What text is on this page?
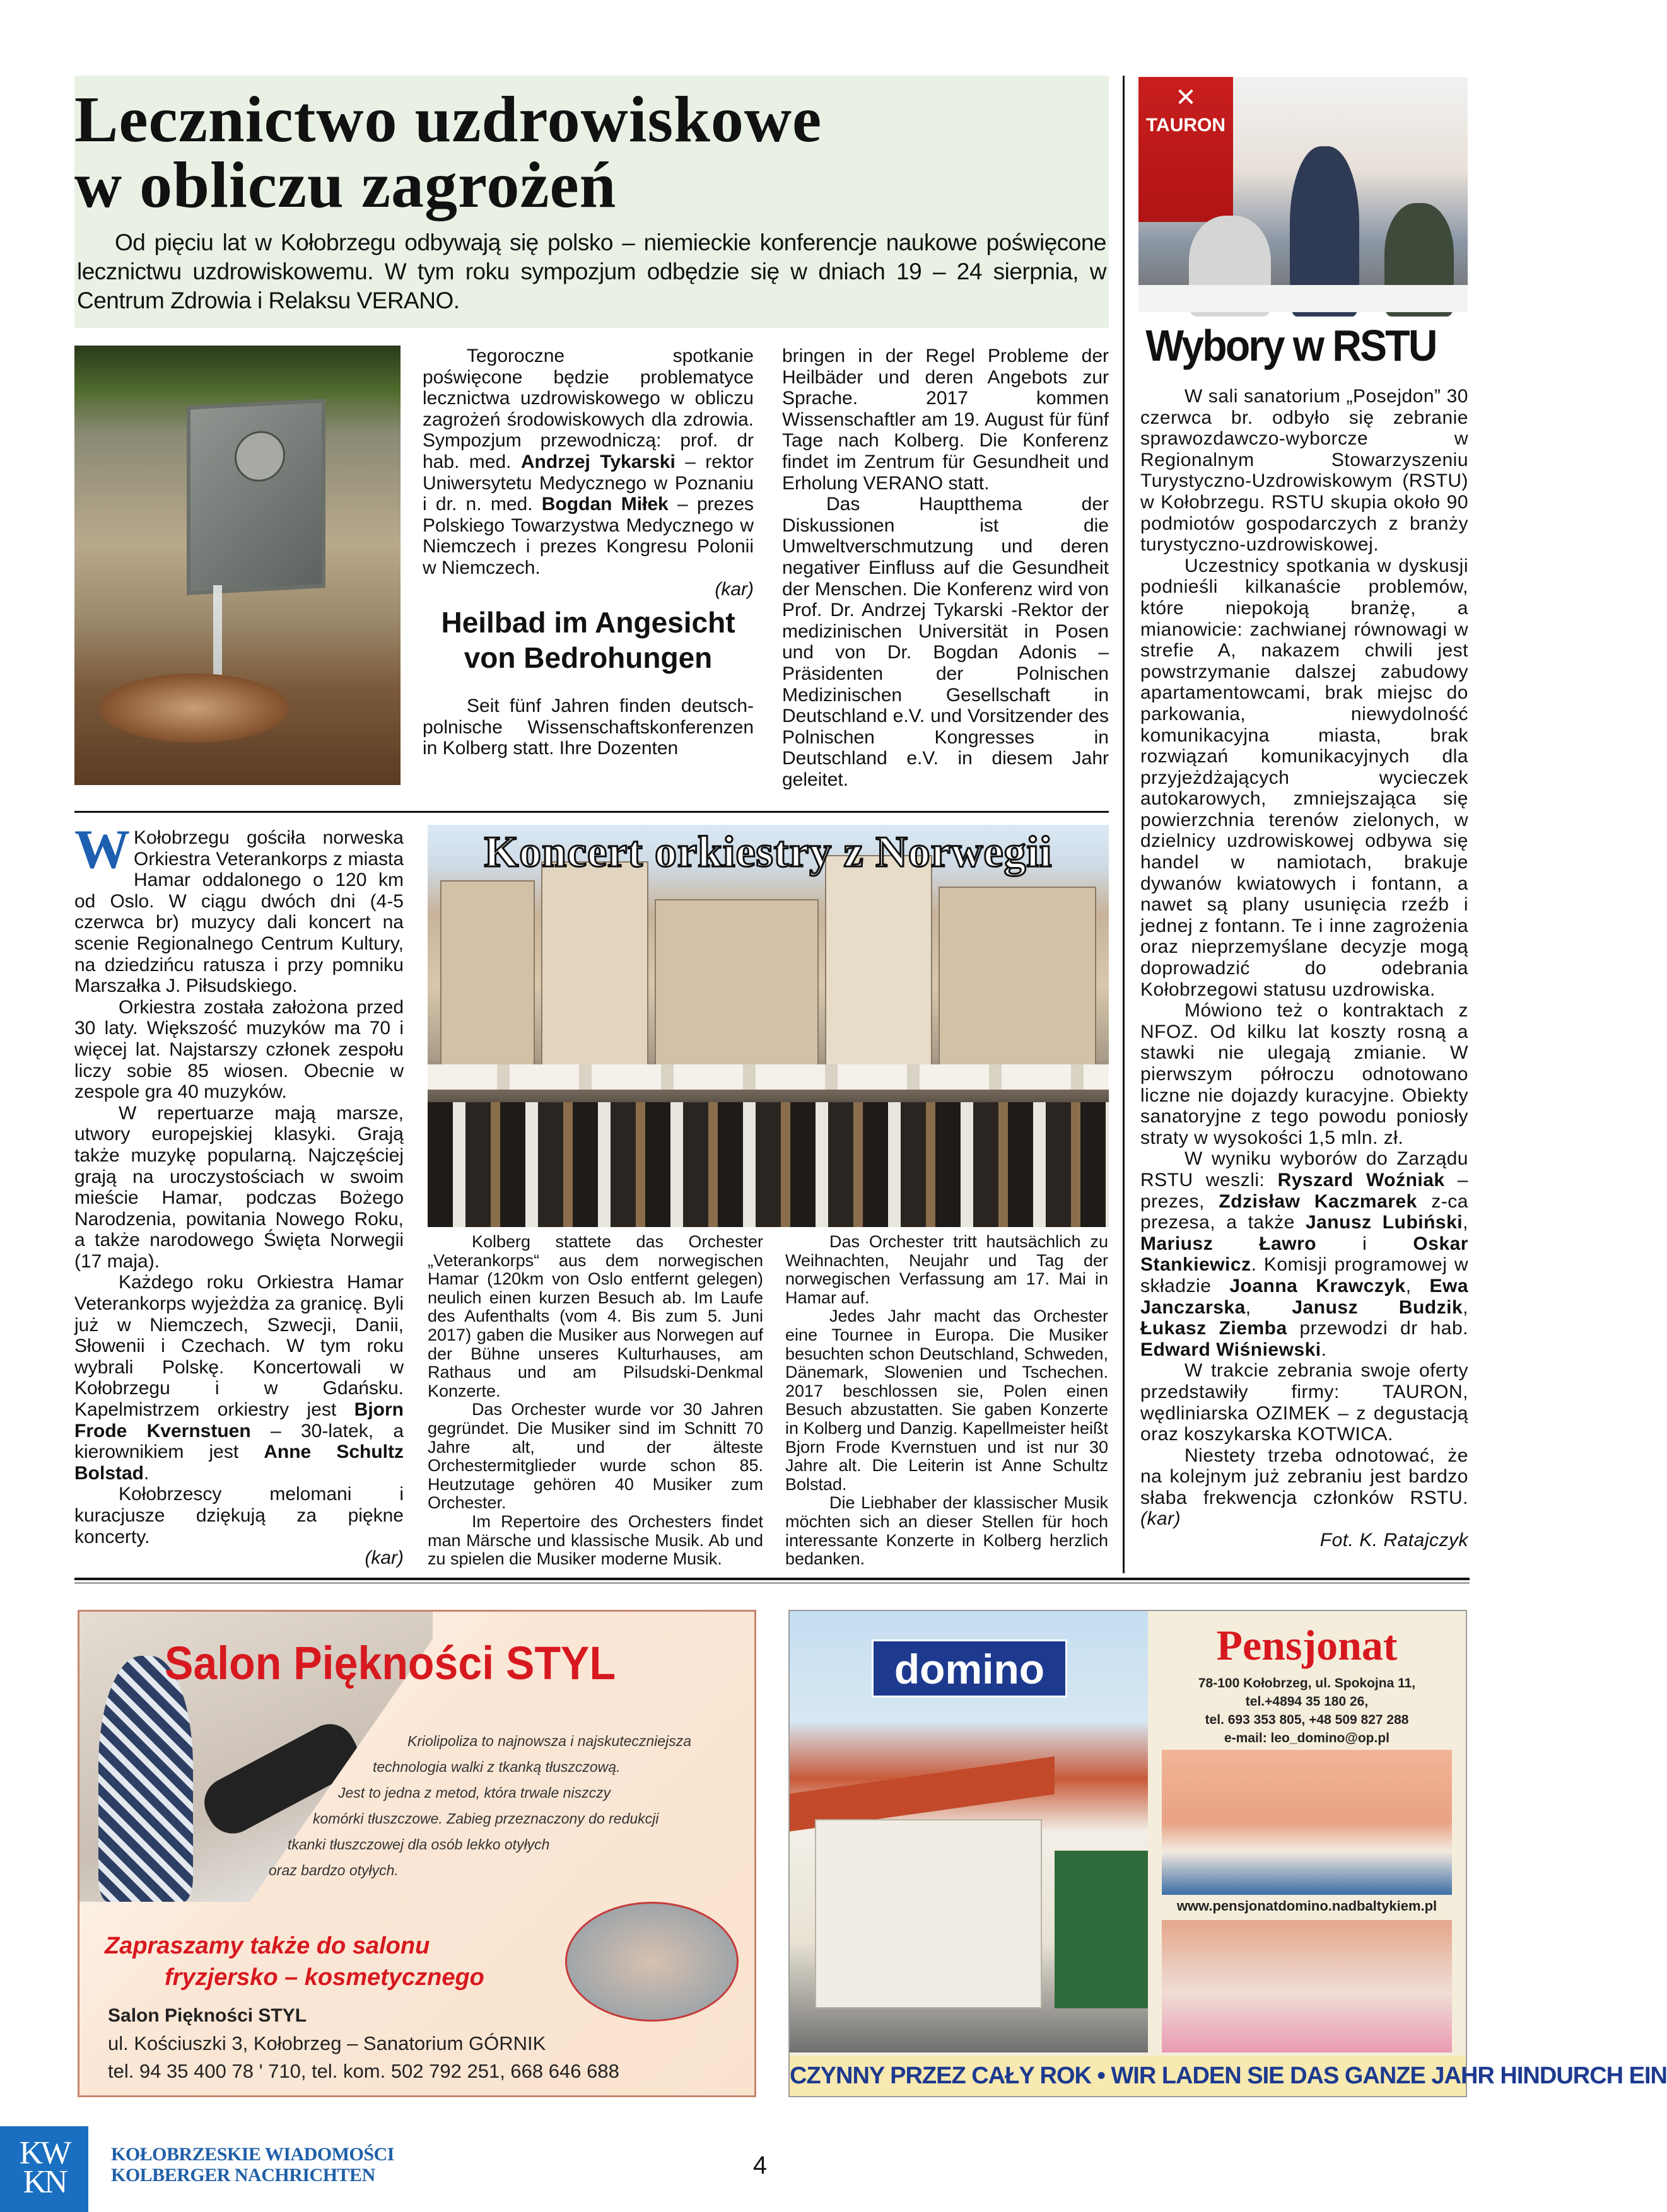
Lecznictwo uzdrowiskowe
w obliczu zagrożeń

Od pięciu lat w Kołobrzegu odbywają się polsko – niemieckie konferencje naukowe poświęcone lecznictwu uzdrowiskowemu. W tym roku sympozjum odbędzie się w dniach 19 – 24 sierpnia, w Centrum Zdrowia i Relaksu VERANO.

Tegoroczne spotkanie poświęcone będzie problematyce lecznictwa uzdrowiskowego w obliczu zagrożeń środowiskowych dla zdrowia. Sympozjum przewodniczą: prof. dr hab. med. Andrzej Tykarski – rektor Uniwersytetu Medycznego w Poznaniu i dr. n. med. Bogdan Miłek – prezes Polskiego Towarzystwa Medycznego w Niemczech i prezes Kongresu Polonii w Niemczech.

(kar)

Heilbad im Angesicht
von Bedrohungen

Seit fünf Jahren finden deutsch-polnische Wissenschaftskonferenzen in Kolberg statt. Ihre Dozenten

bringen in der Regel Probleme der Heilbäder und deren Angebots zur Sprache. 2017 kommen Wissenschaftler am 19. August für fünf Tage nach Kolberg. Die Konferenz findet im Zentrum für Gesundheit und Erholung VERANO statt.

Das Hauptthema der Diskussionen ist die Umweltverschmutzung und deren negativer Einfluss auf die Gesundheit der Menschen. Die Konferenz wird von Prof. Dr. Andrzej Tykarski -Rektor der medizinischen Universität in Posen und von Dr. Bogdan Adonis – Präsidenten der Polnischen Medizinischen Gesellschaft in Deutschland e.V. und Vorsitzender des Polnischen Kongresses in Deutschland e.V. in diesem Jahr geleitet.

✕
TAURON
Wybory w RSTU

W sali sanatorium „Posejdon” 30 czerwca br. odbyło się zebranie sprawozdawczo-wyborcze w Regionalnym Stowarzyszeniu Turystyczno-Uzdrowiskowym (RSTU) w Kołobrzegu. RSTU skupia około 90 podmiotów gospodarczych z branży turystyczno-uzdrowiskowej.

Uczestnicy spotkania w dyskusji podnieśli kilkanaście problemów, które niepokoją branżę, a mianowicie: zachwianej równowagi w strefie A, nakazem chwili jest powstrzymanie dalszej zabudowy apartamentowcami, brak miejsc do parkowania, niewydolność komunikacyjna miasta, brak rozwiązań komunikacyjnych dla przyjeżdżających wycieczek autokarowych, zmniejszająca się powierzchnia terenów zielonych, w dzielnicy uzdrowiskowej odbywa się handel w namiotach, brakuje dywanów kwiatowych i fontann, a nawet są plany usunięcia rzeźb i jednej z fontann. Te i inne zagrożenia oraz nieprzemyślane decyzje mogą doprowadzić do odebrania Kołobrzegowi statusu uzdrowiska.

Mówiono też o kontraktach z NFOZ. Od kilku lat koszty rosną a stawki nie ulegają zmianie. W pierwszym półroczu odnotowano liczne nie dojazdy kuracyjne. Obiekty sanatoryjne z tego powodu poniosły straty w wysokości 1,5 mln. zł.

W wyniku wyborów do Zarządu RSTU weszli: Ryszard Woźniak – prezes, Zdzisław Kaczmarek z-ca prezesa, a także Janusz Lubiński, Mariusz Ławro i Oskar Stankiewicz. Komisji programowej w składzie Joanna Krawczyk, Ewa Janczarska, Janusz Budzik, Łukasz Ziemba przewodzi dr hab. Edward Wiśniewski.

W trakcie zebrania swoje oferty przedstawiły firmy: TAURON, wędliniarska OZIMEK – z degustacją oraz koszykarska KOTWICA.

Niestety trzeba odnotować, że na kolejnym już zebraniu jest bardzo słaba frekwencja członków RSTU. (kar)

Fot. K. Ratajczyk

W Kołobrzegu gościła norweska Orkiestra Veterankorps z miasta Hamar oddalonego o 120 km od Oslo. W ciągu dwóch dni (4-5 czerwca br) muzycy dali koncert na scenie Regionalnego Centrum Kultury, na dziedzińcu ratusza i przy pomniku Marszałka J. Piłsudskiego.

Orkiestra została założona przed 30 laty. Większość muzyków ma 70 i więcej lat. Najstarszy członek zespołu liczy sobie 85 wiosen. Obecnie w zespole gra 40 muzyków.

W repertuarze mają marsze, utwory europejskiej klasyki. Grają także muzykę popularną. Najczęściej grają na uroczystościach w swoim mieście Hamar, podczas Bożego Narodzenia, powitania Nowego Roku, a także narodowego Święta Norwegii (17 maja).

Każdego roku Orkiestra Hamar Veterankorps wyjeżdża za granicę. Byli już w Niemczech, Szwecji, Danii, Słowenii i Czechach. W tym roku wybrali Polskę. Koncertowali w Kołobrzegu i w Gdańsku. Kapelmistrzem orkiestry jest Bjorn Frode Kvernstuen – 30-latek, a kierownikiem jest Anne Schultz Bolstad.

Kołobrzescy melomani i kuracjusze dziękują za piękne koncerty.

(kar)

Koncert orkiestry z Norwegii

Kolberg stattete das Orchester „Veterankorps“ aus dem norwegischen Hamar (120km von Oslo entfernt gelegen) neulich einen kurzen Besuch ab. Im Laufe des Aufenthalts (vom 4. Bis zum 5. Juni 2017) gaben die Musiker aus Norwegen auf der Bühne unseres Kulturhauses, am Rathaus und am Pilsudski-Denkmal Konzerte.

Das Orchester wurde vor 30 Jahren gegründet. Die Musiker sind im Schnitt 70 Jahre alt, und der älteste Orchestermitglieder wurde schon 85. Heutzutage gehören 40 Musiker zum Orchester.

Im Repertoire des Orchesters findet man Märsche und klassische Musik. Ab und zu spielen die Musiker moderne Musik.

Das Orchester tritt hautsächlich zu Weihnachten, Neujahr und Tag der norwegischen Verfassung am 17. Mai in Hamar auf.

Jedes Jahr macht das Orchester eine Tournee in Europa. Die Musiker besuchten schon Deutschland, Schweden, Dänemark, Slowenien und Tschechen. 2017 beschlossen sie, Polen einen Besuch abzustatten. Sie gaben Konzerte in Kolberg und Danzig. Kapellmeister heißt Bjorn Frode Kvernstuen und ist nur 30 Jahre alt. Die Leiterin ist Anne Schultz Bolstad.

Die Liebhaber der klassischer Musik möchten sich an dieser Stellen für hoch interessante Konzerte in Kolberg herzlich bedanken.

Salon Piękności STYL
Kriolipoliza to najnowsza i najskuteczniejsza
technologia walki z tkanką tłuszczową.
Jest to jedna z metod, która trwale niszczy
komórki tłuszczowe. Zabieg przeznaczony do redukcji
tkanki tłuszczowej dla osób lekko otyłych
oraz bardzo otyłych.
Zapraszamy także do salonu
fryzjersko – kosmetycznego
Salon Piękności STYL
ul. Kościuszki 3, Kołobrzeg – Sanatorium GÓRNIK
tel. 94 35 400 78 ' 710, tel. kom. 502 792 251, 668 646 688
domino	Pensjonat
78-100 Kołobrzeg, ul. Spokojna 11,
tel.+4894 35 180 26,
tel. 693 353 805, +48 509 827 288
e-mail: leo_domino@op.pl
www.pensjonatdomino.nadbaltykiem.pl
CZYNNY PRZEZ CAŁY ROK • WIR LADEN SIE DAS GANZE JAHR HINDURCH EIN
KW KN
KOŁOBRZESKIE WIADOMOŚCI
KOLBERGER NACHRICHTEN	4
